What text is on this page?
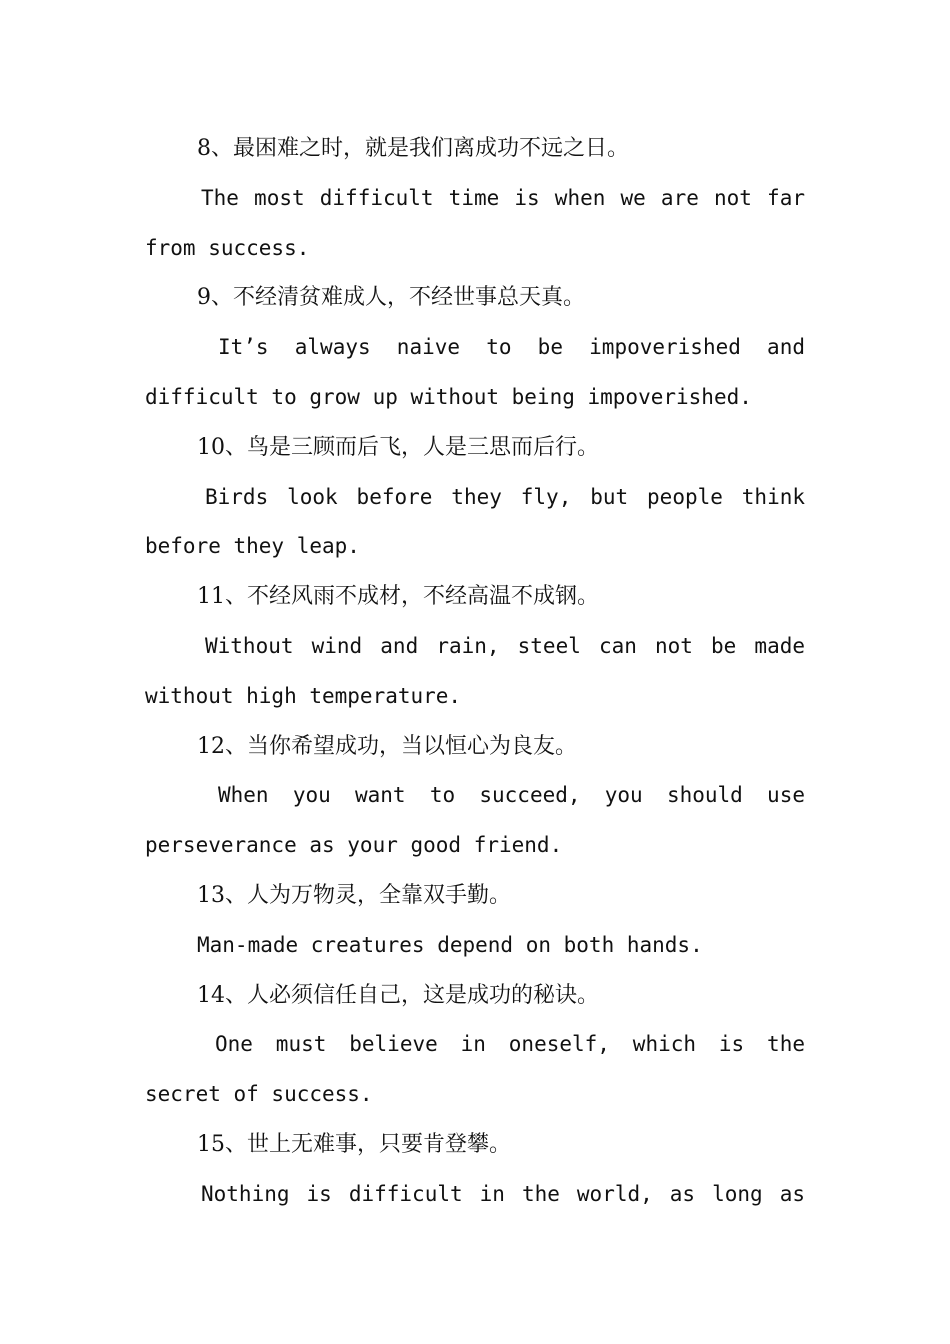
8、最困难之时，就是我们离成功不远之日。
The most difficult time is when we are not far
from success.
9、不经清贫难成人，不经世事总天真。
It’s always naive to be impoverished and
difficult to grow up without being impoverished.
10、鸟是三顾而后飞，人是三思而后行。
Birds look before they fly, but people think
before they leap.
11、不经风雨不成材，不经高温不成钢。
Without wind and rain, steel can not be made
without high temperature.
12、当你希望成功，当以恒心为良友。
When you want to succeed, you should use
perseverance as your good friend.
13、人为万物灵，全靠双手勤。
Man-made creatures depend on both hands.
14、人必须信任自己，这是成功的秘诀。
One must believe in oneself, which is the
secret of success.
15、世上无难事，只要肯登攀。
Nothing is difficult in the world, as long as
